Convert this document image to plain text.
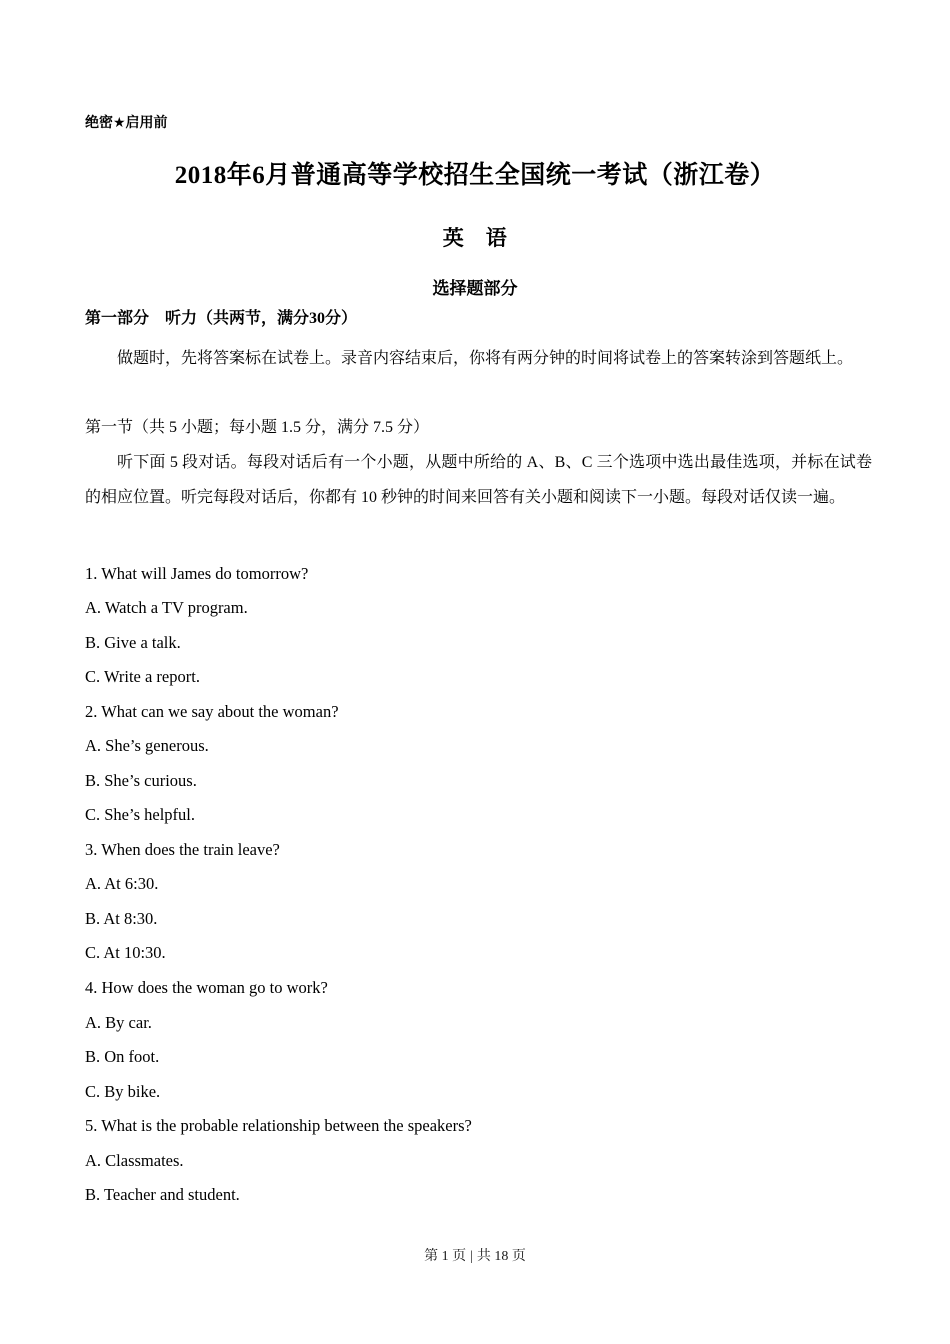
绝密★启用前
2018年6月普通高等学校招生全国统一考试（浙江卷）
英　语
选择题部分
第一部分　听力（共两节，满分30分）
做题时，先将答案标在试卷上。录音内容结束后，你将有两分钟的时间将试卷上的答案转涂到答题纸上。
第一节（共 5 小题；每小题 1.5 分，满分 7.5 分）
听下面 5 段对话。每段对话后有一个小题，从题中所给的 A、B、C 三个选项中选出最佳选项，并标在试卷的相应位置。听完每段对话后，你都有 10 秒钟的时间来回答有关小题和阅读下一小题。每段对话仅读一遍。
1. What will James do tomorrow?
A. Watch a TV program.
B. Give a talk.
C. Write a report.
2. What can we say about the woman?
A. She’s generous.
B. She’s curious.
C. She’s helpful.
3. When does the train leave?
A. At 6:30.
B. At 8:30.
C. At 10:30.
4. How does the woman go to work?
A. By car.
B. On foot.
C. By bike.
5. What is the probable relationship between the speakers?
A. Classmates.
B. Teacher and student.
第 1 页 | 共 18 页
